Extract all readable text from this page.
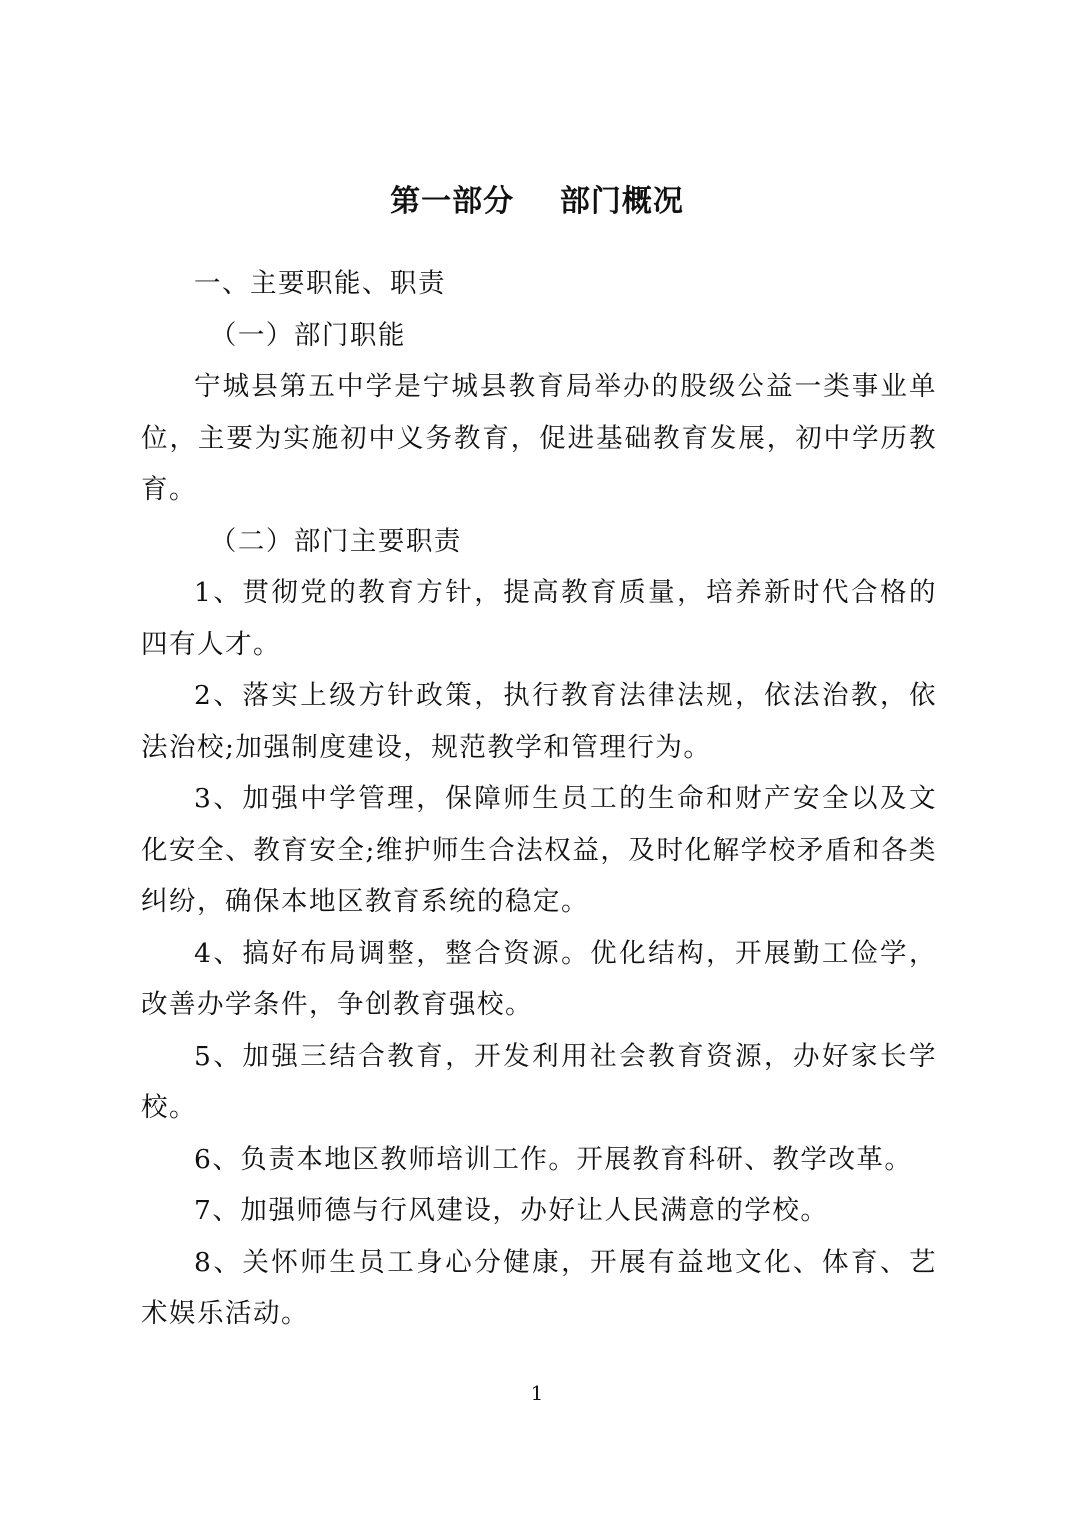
第一部分    部门概况

一、主要职能、职责

（一）部门职能

宁城县第五中学是宁城县教育局举办的股级公益一类事业单位，主要为实施初中义务教育，促进基础教育发展，初中学历教育。

（二）部门主要职责

1、贯彻党的教育方针，提高教育质量，培养新时代合格的四有人才。

2、落实上级方针政策，执行教育法律法规，依法治教，依法治校;加强制度建设，规范教学和管理行为。

3、加强中学管理，保障师生员工的生命和财产安全以及文化安全、教育安全;维护师生合法权益，及时化解学校矛盾和各类纠纷，确保本地区教育系统的稳定。

4、搞好布局调整，整合资源。优化结构，开展勤工俭学，改善办学条件，争创教育强校。

5、加强三结合教育，开发利用社会教育资源，办好家长学校。

6、负责本地区教师培训工作。开展教育科研、教学改革。

7、加强师德与行风建设，办好让人民满意的学校。

8、关怀师生员工身心分健康，开展有益地文化、体育、艺术娱乐活动。

1
